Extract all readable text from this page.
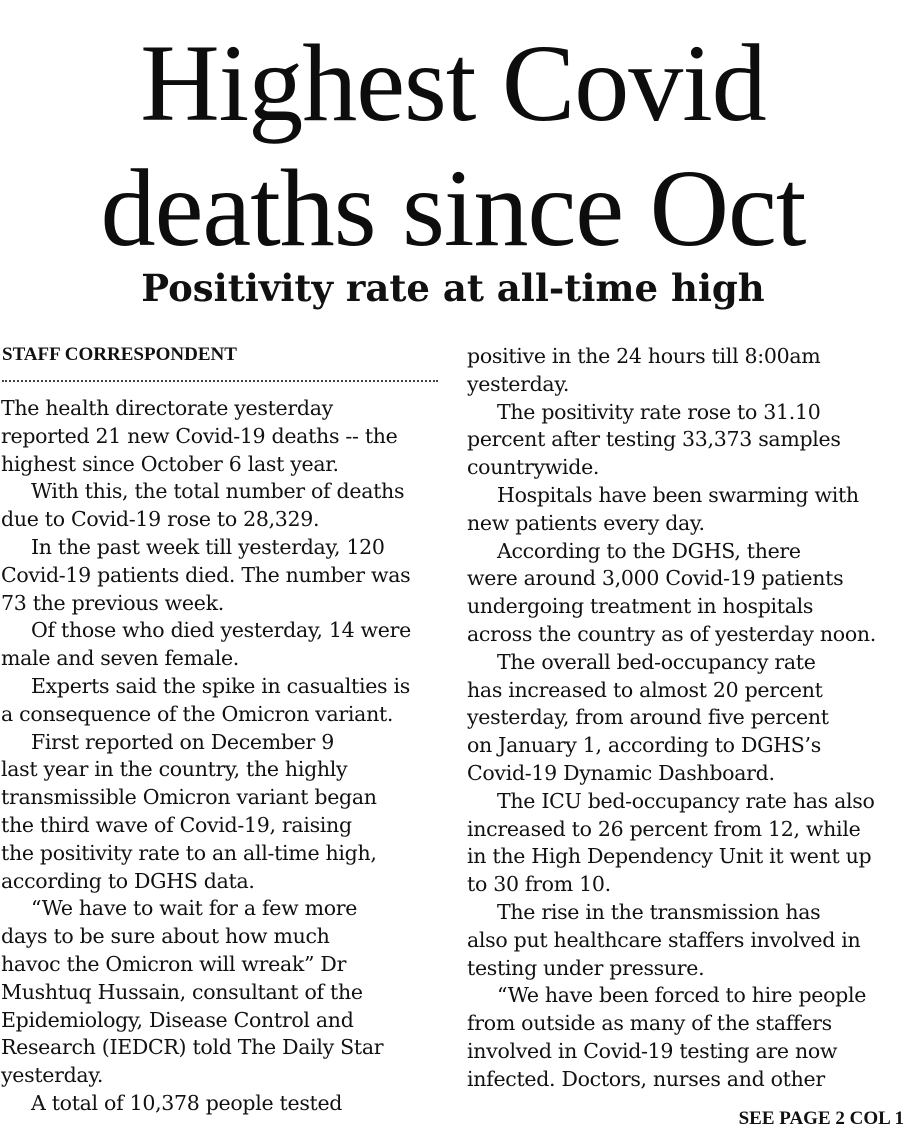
Highest Covid
deaths since Oct
Positivity rate at all-time high
STAFF CORRESPONDENT
The health directorate yesterday
reported 21 new Covid-19 deaths -- the
highest since October 6 last year.
With this, the total number of deaths
due to Covid-19 rose to 28,329.
In the past week till yesterday, 120
Covid-19 patients died. The number was
73 the previous week.
Of those who died yesterday, 14 were
male and seven female.
Experts said the spike in casualties is
a consequence of the Omicron variant.
First reported on December 9
last year in the country, the highly
transmissible Omicron variant began
the third wave of Covid-19, raising
the positivity rate to an all-time high,
according to DGHS data.
“We have to wait for a few more
days to be sure about how much
havoc the Omicron will wreak” Dr
Mushtuq Hussain, consultant of the
Epidemiology, Disease Control and
Research (IEDCR) told The Daily Star
yesterday.
A total of 10,378 people tested
positive in the 24 hours till 8:00am
yesterday.
The positivity rate rose to 31.10
percent after testing 33,373 samples
countrywide.
Hospitals have been swarming with
new patients every day.
According to the DGHS, there
were around 3,000 Covid-19 patients
undergoing treatment in hospitals
across the country as of yesterday noon.
The overall bed-occupancy rate
has increased to almost 20 percent
yesterday, from around five percent
on January 1, according to DGHS’s
Covid-19 Dynamic Dashboard.
The ICU bed-occupancy rate has also
increased to 26 percent from 12, while
in the High Dependency Unit it went up
to 30 from 10.
The rise in the transmission has
also put healthcare staffers involved in
testing under pressure.
“We have been forced to hire people
from outside as many of the staffers
involved in Covid-19 testing are now
infected. Doctors, nurses and other
SEE PAGE 2 COL 1
